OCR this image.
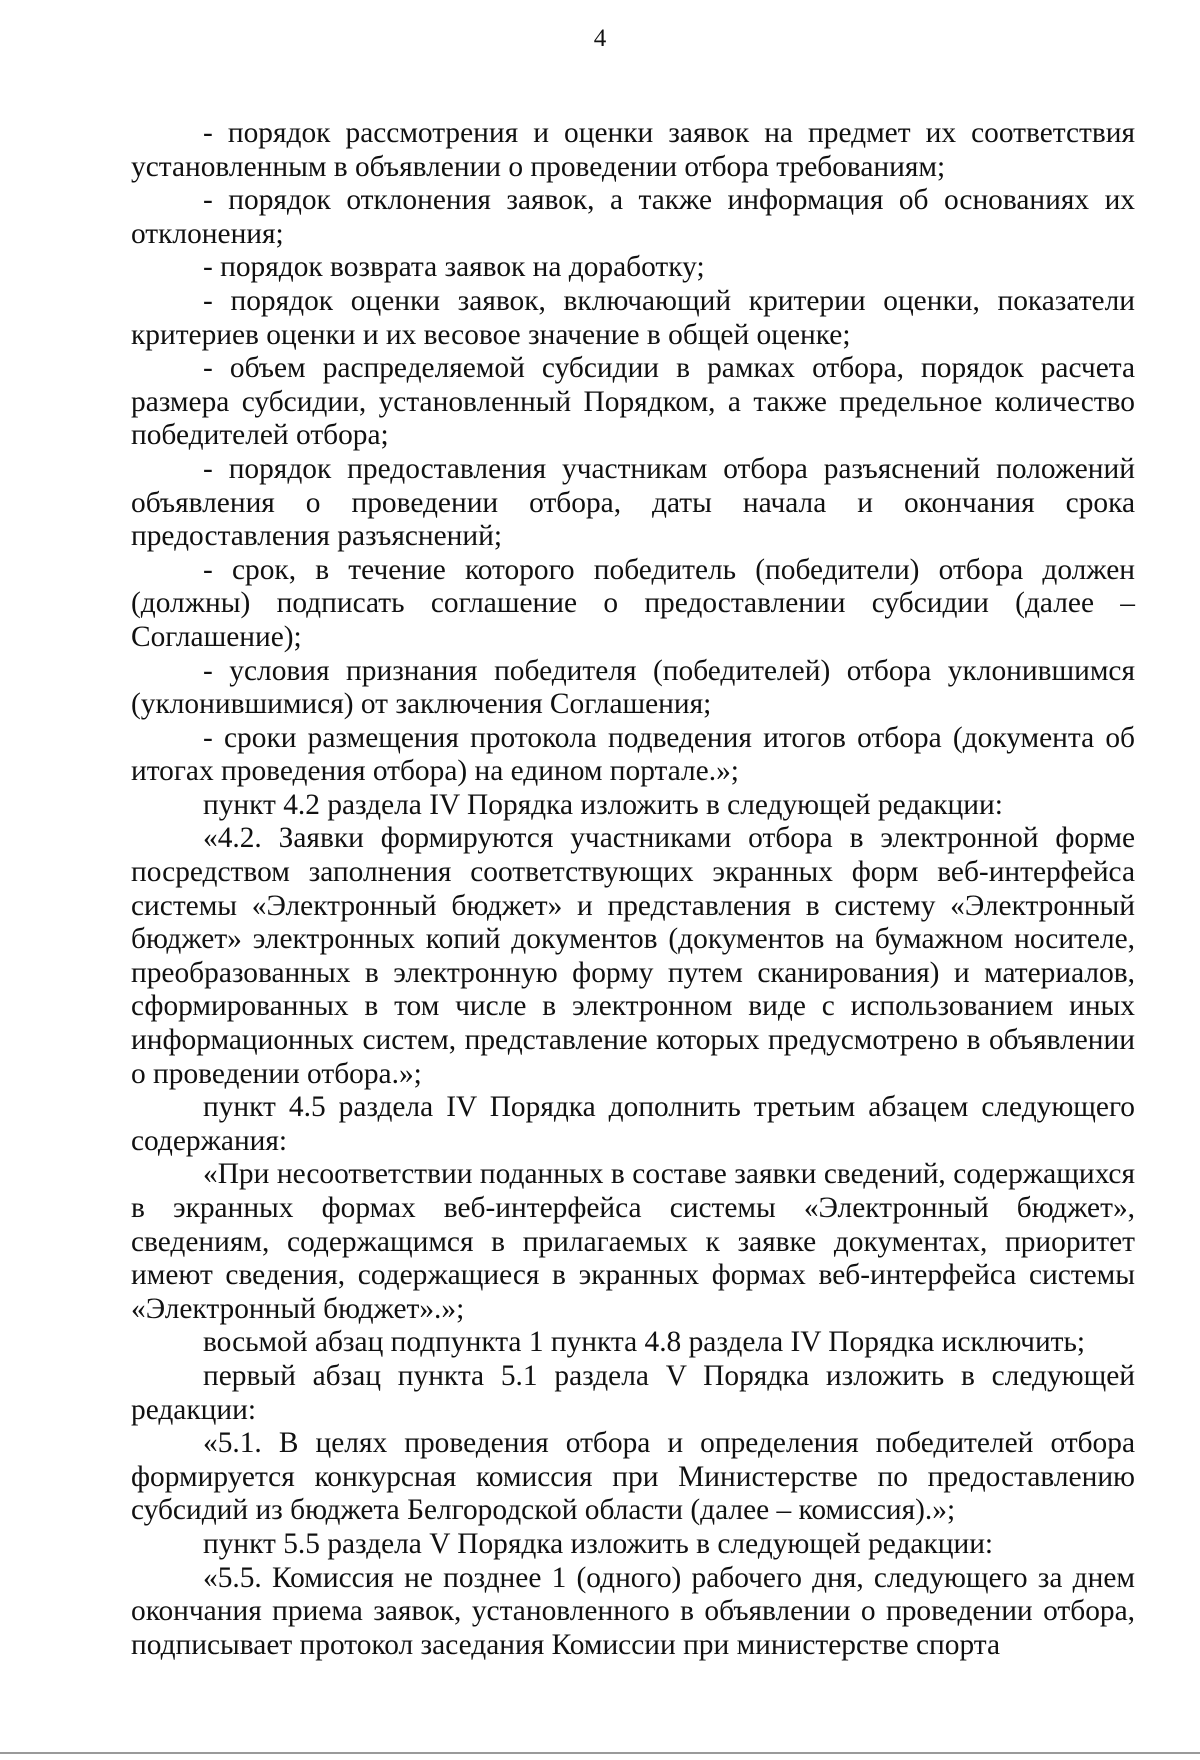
4

- порядок рассмотрения и оценки заявок на предмет их соответствия установленным в объявлении о проведении отбора требованиям;

- порядок отклонения заявок, а также информация об основаниях их отклонения;

- порядок возврата заявок на доработку;

- порядок оценки заявок, включающий критерии оценки, показатели критериев оценки и их весовое значение в общей оценке;

- объем распределяемой субсидии в рамках отбора, порядок расчета размера субсидии, установленный Порядком, а также предельное количество победителей отбора;

- порядок предоставления участникам отбора разъяснений положений объявления о проведении отбора, даты начала и окончания срока предоставления разъяснений;

- срок, в течение которого победитель (победители) отбора должен (должны) подписать соглашение о предоставлении субсидии (далее – Соглашение);

- условия признания победителя (победителей) отбора уклонившимся (уклонившимися) от заключения Соглашения;

- сроки размещения протокола подведения итогов отбора (документа об итогах проведения отбора) на едином портале.»;

пункт 4.2 раздела IV Порядка изложить в следующей редакции:

«4.2. Заявки формируются участниками отбора в электронной форме посредством заполнения соответствующих экранных форм веб-интерфейса системы «Электронный бюджет» и представления в систему «Электронный бюджет» электронных копий документов (документов на бумажном носителе, преобразованных в электронную форму путем сканирования) и материалов, сформированных в том числе в электронном виде с использованием иных информационных систем, представление которых предусмотрено в объявлении о проведении отбора.»;

пункт 4.5 раздела IV Порядка дополнить третьим абзацем следующего содержания:

«При несоответствии поданных в составе заявки сведений, содержащихся в экранных формах веб-интерфейса системы «Электронный бюджет», сведениям, содержащимся в прилагаемых к заявке документах, приоритет имеют сведения, содержащиеся в экранных формах веб-интерфейса системы «Электронный бюджет».»;

восьмой абзац подпункта 1 пункта 4.8 раздела IV Порядка исключить;

первый абзац пункта 5.1 раздела V Порядка изложить в следующей редакции:

«5.1. В целях проведения отбора и определения победителей отбора формируется конкурсная комиссия при Министерстве по предоставлению субсидий из бюджета Белгородской области (далее – комиссия).»;

пункт 5.5 раздела V Порядка изложить в следующей редакции:

«5.5. Комиссия не позднее 1 (одного) рабочего дня, следующего за днем окончания приема заявок, установленного в объявлении о проведении отбора, подписывает протокол заседания Комиссии при министерстве спорта
